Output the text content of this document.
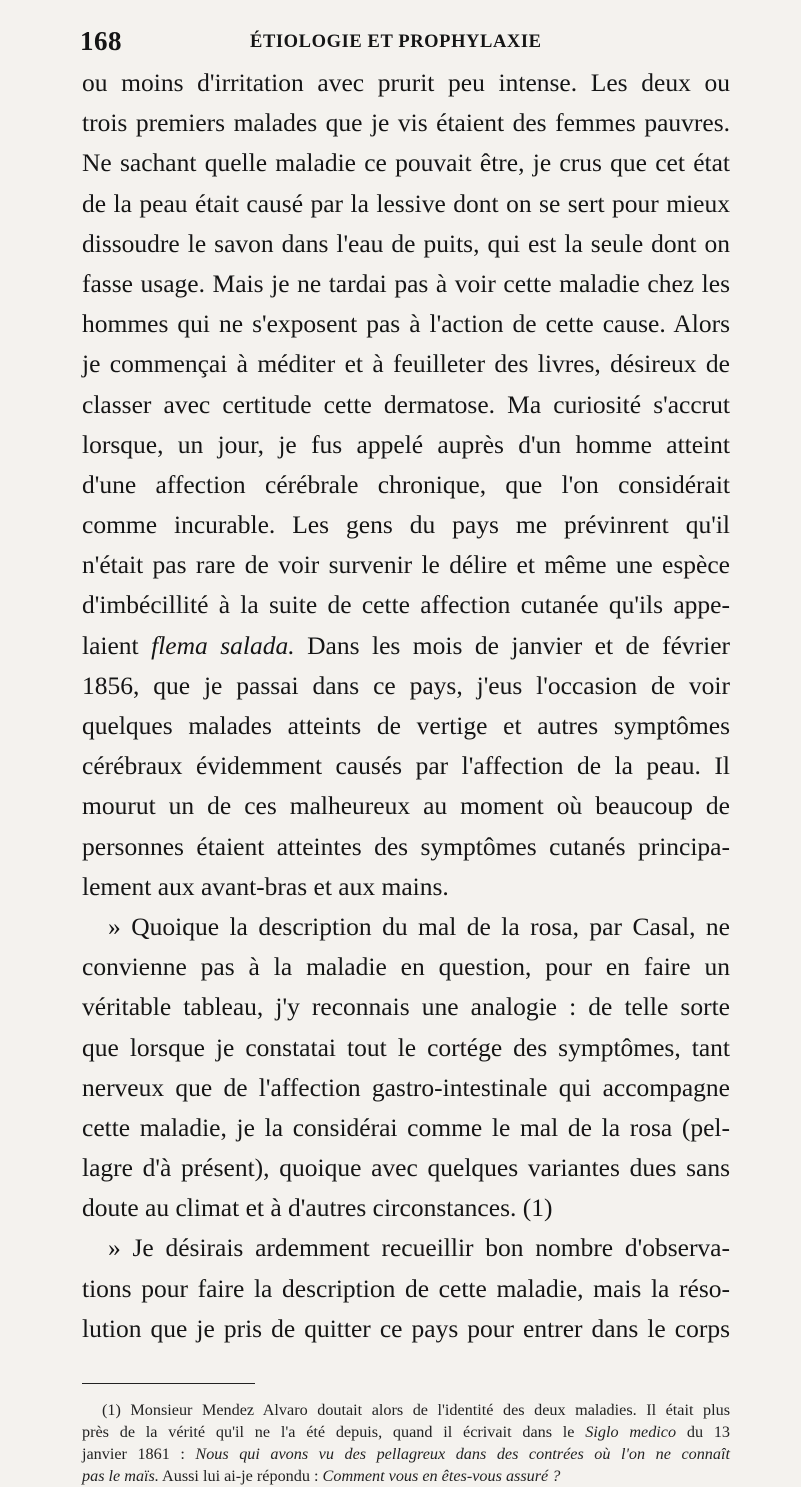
168	ÉTIOLOGIE ET PROPHYLAXIE
ou moins d'irritation avec prurit peu intense. Les deux ou
trois premiers malades que je vis étaient des femmes pauvres.
Ne sachant quelle maladie ce pouvait être, je crus que cet état
de la peau était causé par la lessive dont on se sert pour mieux
dissoudre le savon dans l'eau de puits, qui est la seule dont on
fasse usage. Mais je ne tardai pas à voir cette maladie chez les
hommes qui ne s'exposent pas à l'action de cette cause. Alors
je commençai à méditer et à feuilleter des livres, désireux de
classer avec certitude cette dermatose. Ma curiosité s'accrut
lorsque, un jour, je fus appelé auprès d'un homme atteint
d'une affection cérébrale chronique, que l'on considérait
comme incurable. Les gens du pays me prévinrent qu'il
n'était pas rare de voir survenir le délire et même une espèce
d'imbécillité à la suite de cette affection cutanée qu'ils appe-
laient flema salada. Dans les mois de janvier et de février
1856, que je passai dans ce pays, j'eus l'occasion de voir
quelques malades atteints de vertige et autres symptômes
cérébraux évidemment causés par l'affection de la peau. Il
mourut un de ces malheureux au moment où beaucoup de
personnes étaient atteintes des symptômes cutanés principa-
lement aux avant-bras et aux mains.
» Quoique la description du mal de la rosa, par Casal, ne
convienne pas à la maladie en question, pour en faire un
véritable tableau, j'y reconnais une analogie : de telle sorte
que lorsque je constatai tout le cortége des symptômes, tant
nerveux que de l'affection gastro-intestinale qui accompagne
cette maladie, je la considérai comme le mal de la rosa (pel-
lagre d'à présent), quoique avec quelques variantes dues sans
doute au climat et à d'autres circonstances. (1)
» Je désirais ardemment recueillir bon nombre d'observa-
tions pour faire la description de cette maladie, mais la réso-
lution que je pris de quitter ce pays pour entrer dans le corps
(1) Monsieur Mendez Alvaro doutait alors de l'identité des deux maladies. Il était plus
près de la vérité qu'il ne l'a été depuis, quand il écrivait dans le Siglo medico du 13
janvier 1861 : Nous qui avons vu des pellagreux dans des contrées où l'on ne connaît
pas le maïs. Aussi lui ai-je répondu : Comment vous en êtes-vous assuré ?
